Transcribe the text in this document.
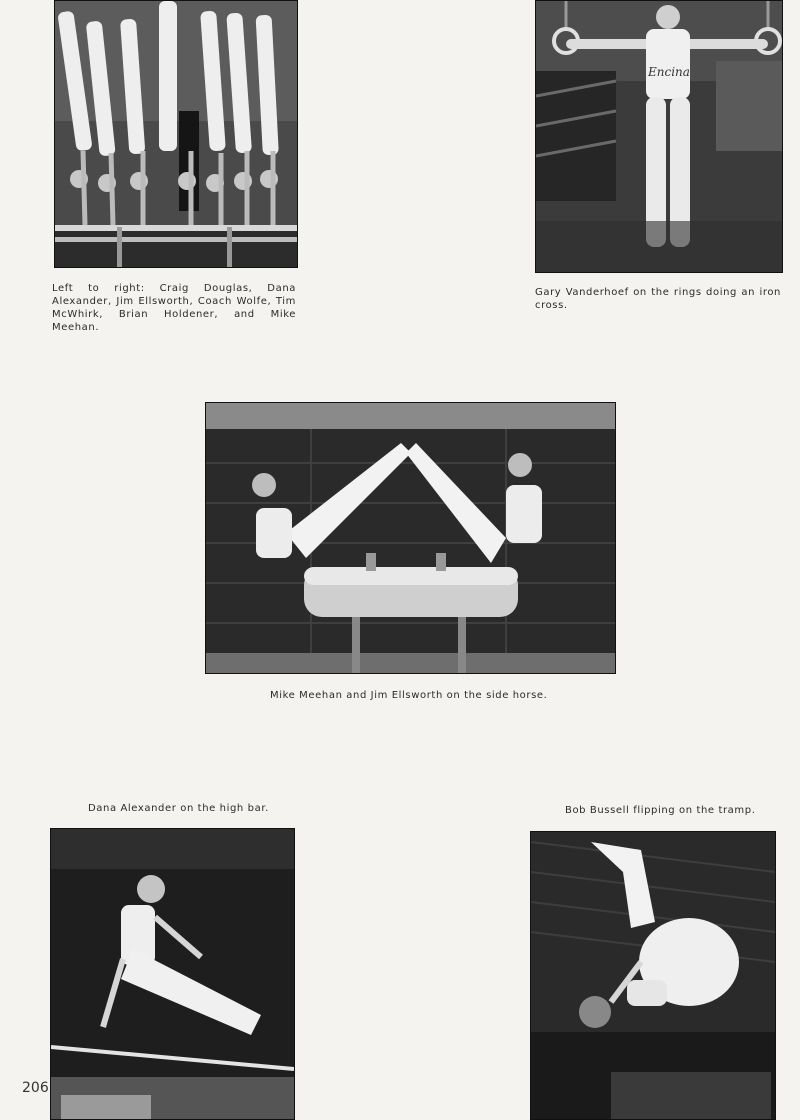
Left to right: Craig Douglas, Dana Alexander, Jim Ellsworth, Coach Wolfe, Tim McWhirk, Brian Holdener, and Mike Meehan.
Encina
Gary Vanderhoef on the rings doing an iron cross.
Mike Meehan and Jim Ellsworth on the side horse.
Dana Alexander on the high bar.	Bob Bussell flipping on the tramp.
206
